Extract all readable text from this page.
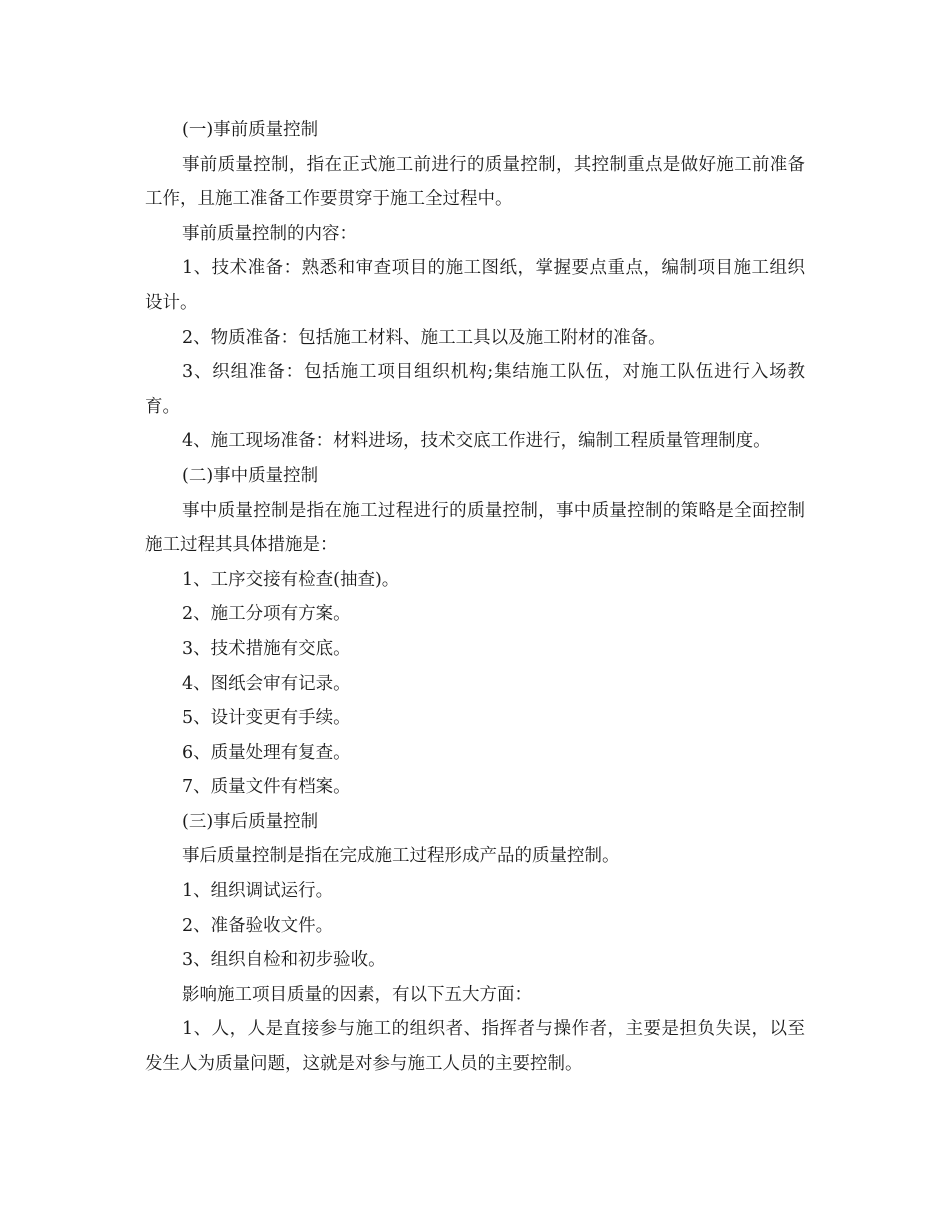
(一)事前质量控制

事前质量控制，指在正式施工前进行的质量控制，其控制重点是做好施工前准备工作，且施工准备工作要贯穿于施工全过程中。

事前质量控制的内容：

1、技术准备：熟悉和审查项目的施工图纸，掌握要点重点，编制项目施工组织设计。

2、物质准备：包括施工材料、施工工具以及施工附材的准备。

3、织组准备：包括施工项目组织机构;集结施工队伍，对施工队伍进行入场教育。

4、施工现场准备：材料进场，技术交底工作进行，编制工程质量管理制度。

(二)事中质量控制

事中质量控制是指在施工过程进行的质量控制，事中质量控制的策略是全面控制施工过程其具体措施是：

1、工序交接有检查(抽查)。

2、施工分项有方案。

3、技术措施有交底。

4、图纸会审有记录。

5、设计变更有手续。

6、质量处理有复查。

7、质量文件有档案。

(三)事后质量控制

事后质量控制是指在完成施工过程形成产品的质量控制。

1、组织调试运行。

2、准备验收文件。

3、组织自检和初步验收。

影响施工项目质量的因素，有以下五大方面：

1、人，人是直接参与施工的组织者、指挥者与操作者，主要是担负失误，以至发生人为质量问题，这就是对参与施工人员的主要控制。
